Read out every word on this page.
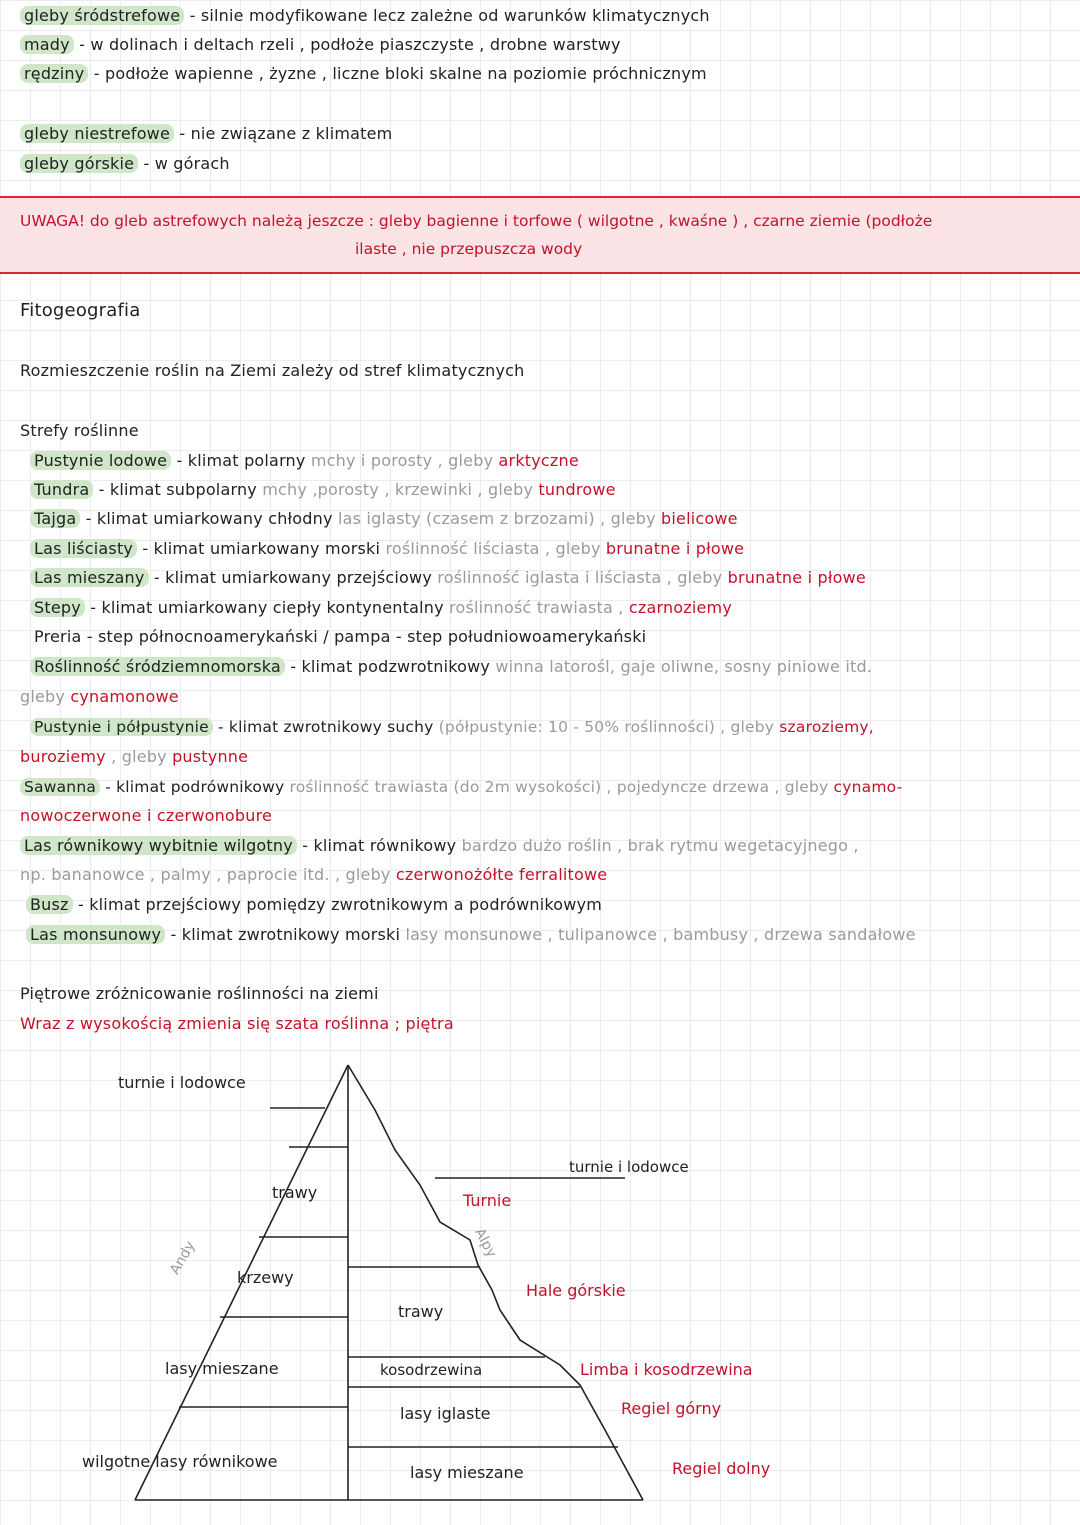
gleby śródstrefowe - silnie modyfikowane lecz zależne od warunków klimatycznych
mady - w dolinach i deltach rzeli , podłoże piaszczyste , drobne warstwy
rędziny - podłoże wapienne , żyzne , liczne bloki skalne na poziomie próchnicznym
gleby niestrefowe - nie związane z klimatem
gleby górskie - w górach
UWAGA! do gleb astrefowych należą jeszcze : gleby bagienne i torfowe ( wilgotne , kwaśne ) , czarne ziemie (podłoże
ilaste , nie przepuszcza wody
Fitogeografia
Rozmieszczenie roślin na Ziemi zależy od stref klimatycznych
Strefy roślinne
Pustynie lodowe - klimat polarny mchy i porosty , gleby arktyczne
Tundra - klimat subpolarny mchy ,porosty , krzewinki , gleby tundrowe
Tajga - klimat umiarkowany chłodny las iglasty (czasem z brzozami) , gleby bielicowe
Las liściasty - klimat umiarkowany morski roślinność liściasta , gleby brunatne i płowe
Las mieszany - klimat umiarkowany przejściowy roślinność iglasta i liściasta , gleby brunatne i płowe
Stepy - klimat umiarkowany ciepły kontynentalny roślinność trawiasta , czarnoziemy
Preria - step północnoamerykański / pampa - step południowoamerykański
Roślinność śródziemnomorska - klimat podzwrotnikowy winna latorośl, gaje oliwne, sosny piniowe itd.
gleby cynamonowe
Pustynie i półpustynie - klimat zwrotnikowy suchy (półpustynie: 10 - 50% roślinności) , gleby szaroziemy,
buroziemy , gleby pustynne
Sawanna - klimat podrównikowy roślinność trawiasta (do 2m wysokości) , pojedyncze drzewa , gleby cynamo-
nowoczerwone i czerwonobure
Las równikowy wybitnie wilgotny - klimat równikowy bardzo dużo roślin , brak rytmu wegetacyjnego ,
np. bananowce , palmy , paprocie itd. , gleby czerwonożółte ferralitowe
Busz - klimat przejściowy pomiędzy zwrotnikowym a podrównikowym
Las monsunowy - klimat zwrotnikowy morski lasy monsunowe , tulipanowce , bambusy , drzewa sandałowe
Piętrowe zróżnicowanie roślinności na ziemi
Wraz z wysokością zmienia się szata roślinna ; piętra
turnie i lodowce
trawy
krzewy
lasy mieszane
wilgotne lasy równikowe
Andy
turnie i lodowce
trawy
kosodrzewina
lasy iglaste
lasy mieszane
Alpy
Turnie
Hale górskie
Limba i kosodrzewina
Regiel górny
Regiel dolny
